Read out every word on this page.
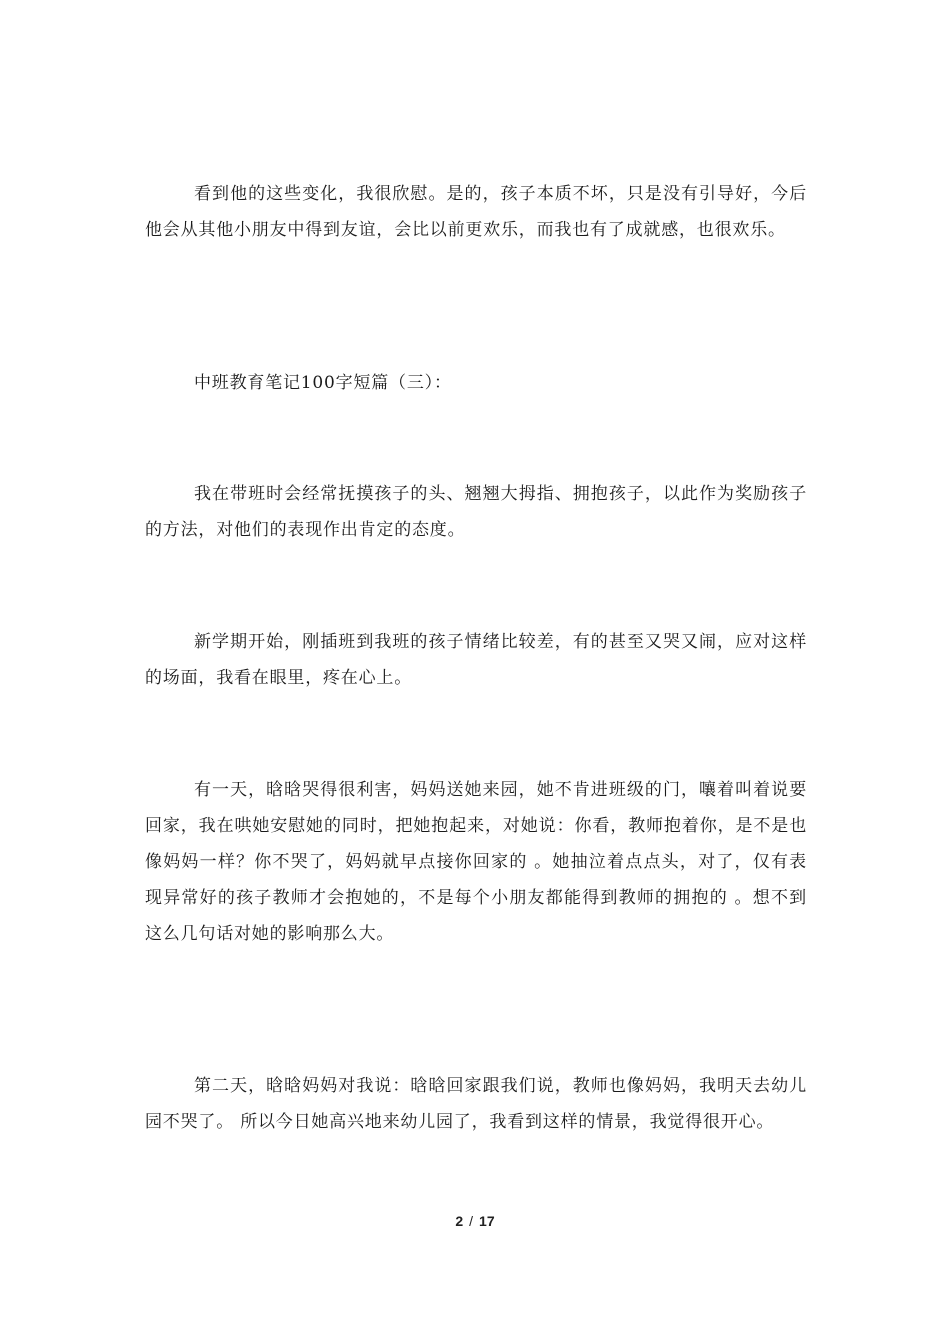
看到他的这些变化，我很欣慰。是的，孩子本质不坏，只是没有引导好，今后他会从其他小朋友中得到友谊，会比以前更欢乐，而我也有了成就感，也很欢乐。

中班教育笔记100字短篇（三）：

我在带班时会经常抚摸孩子的头、翘翘大拇指、拥抱孩子，以此作为奖励孩子的方法，对他们的表现作出肯定的态度。

新学期开始，刚插班到我班的孩子情绪比较差，有的甚至又哭又闹，应对这样的场面，我看在眼里，疼在心上。

有一天，晗晗哭得很利害，妈妈送她来园，她不肯进班级的门，嚷着叫着说要回家，我在哄她安慰她的同时，把她抱起来，对她说：你看，教师抱着你，是不是也像妈妈一样？你不哭了，妈妈就早点接你回家的 。她抽泣着点点头，对了，仅有表现异常好的孩子教师才会抱她的，不是每个小朋友都能得到教师的拥抱的 。想不到这么几句话对她的影响那么大。

第二天，晗晗妈妈对我说：晗晗回家跟我们说，教师也像妈妈，我明天去幼儿园不哭了。 所以今日她高兴地来幼儿园了，我看到这样的情景，我觉得很开心。

2 / 17
